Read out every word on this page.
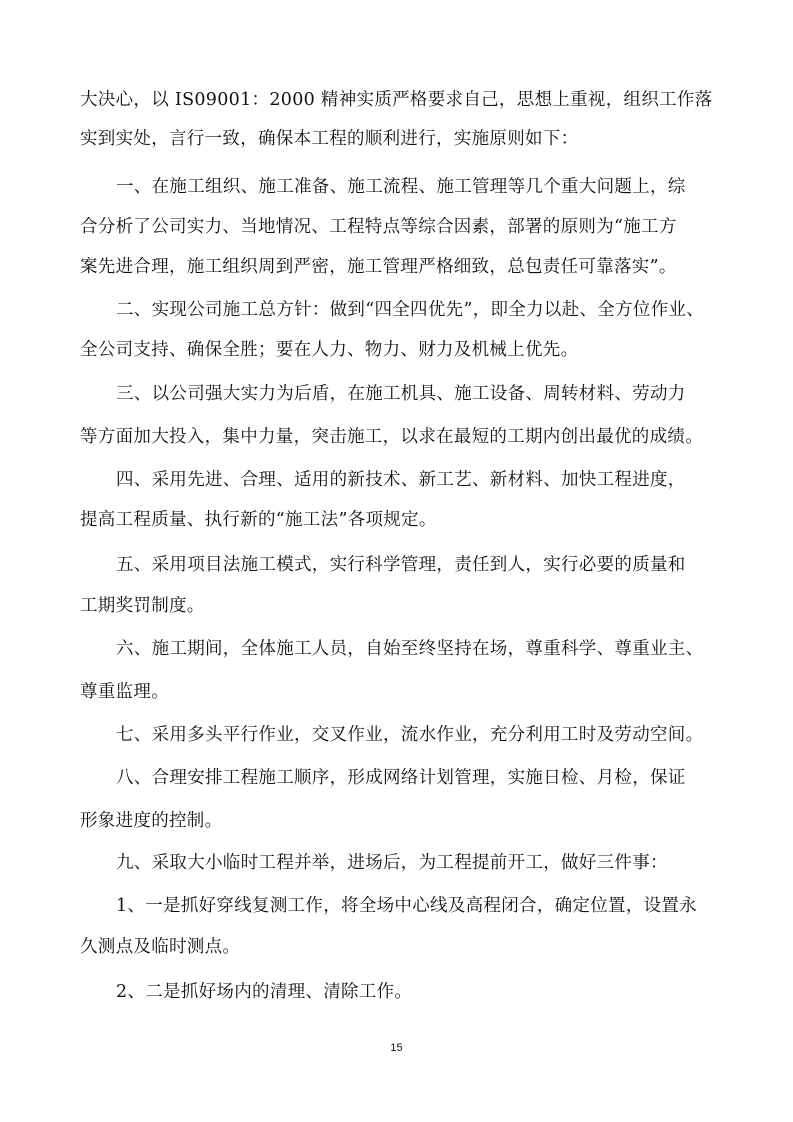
大决心，以 IS09001：2000 精神实质严格要求自己，思想上重视，组织工作落
实到实处，言行一致，确保本工程的顺利进行，实施原则如下：
一、在施工组织、施工准备、施工流程、施工管理等几个重大问题上，综
合分析了公司实力、当地情况、工程特点等综合因素，部署的原则为“施工方
案先进合理，施工组织周到严密，施工管理严格细致，总包责任可靠落实”。
二、实现公司施工总方针：做到“四全四优先”，即全力以赴、全方位作业、
全公司支持、确保全胜；要在人力、物力、财力及机械上优先。
三、以公司强大实力为后盾，在施工机具、施工设备、周转材料、劳动力
等方面加大投入，集中力量，突击施工，以求在最短的工期内创出最优的成绩。
四、采用先进、合理、适用的新技术、新工艺、新材料、加快工程进度，
提高工程质量、执行新的“施工法”各项规定。
五、采用项目法施工模式，实行科学管理，责任到人，实行必要的质量和
工期奖罚制度。
六、施工期间，全体施工人员，自始至终坚持在场，尊重科学、尊重业主、
尊重监理。
七、采用多头平行作业，交叉作业，流水作业，充分利用工时及劳动空间。
八、合理安排工程施工顺序，形成网络计划管理，实施日检、月检，保证
形象进度的控制。
九、采取大小临时工程并举，进场后，为工程提前开工，做好三件事：
1、一是抓好穿线复测工作，将全场中心线及高程闭合，确定位置，设置永
久测点及临时测点。
2、二是抓好场内的清理、清除工作。
15
